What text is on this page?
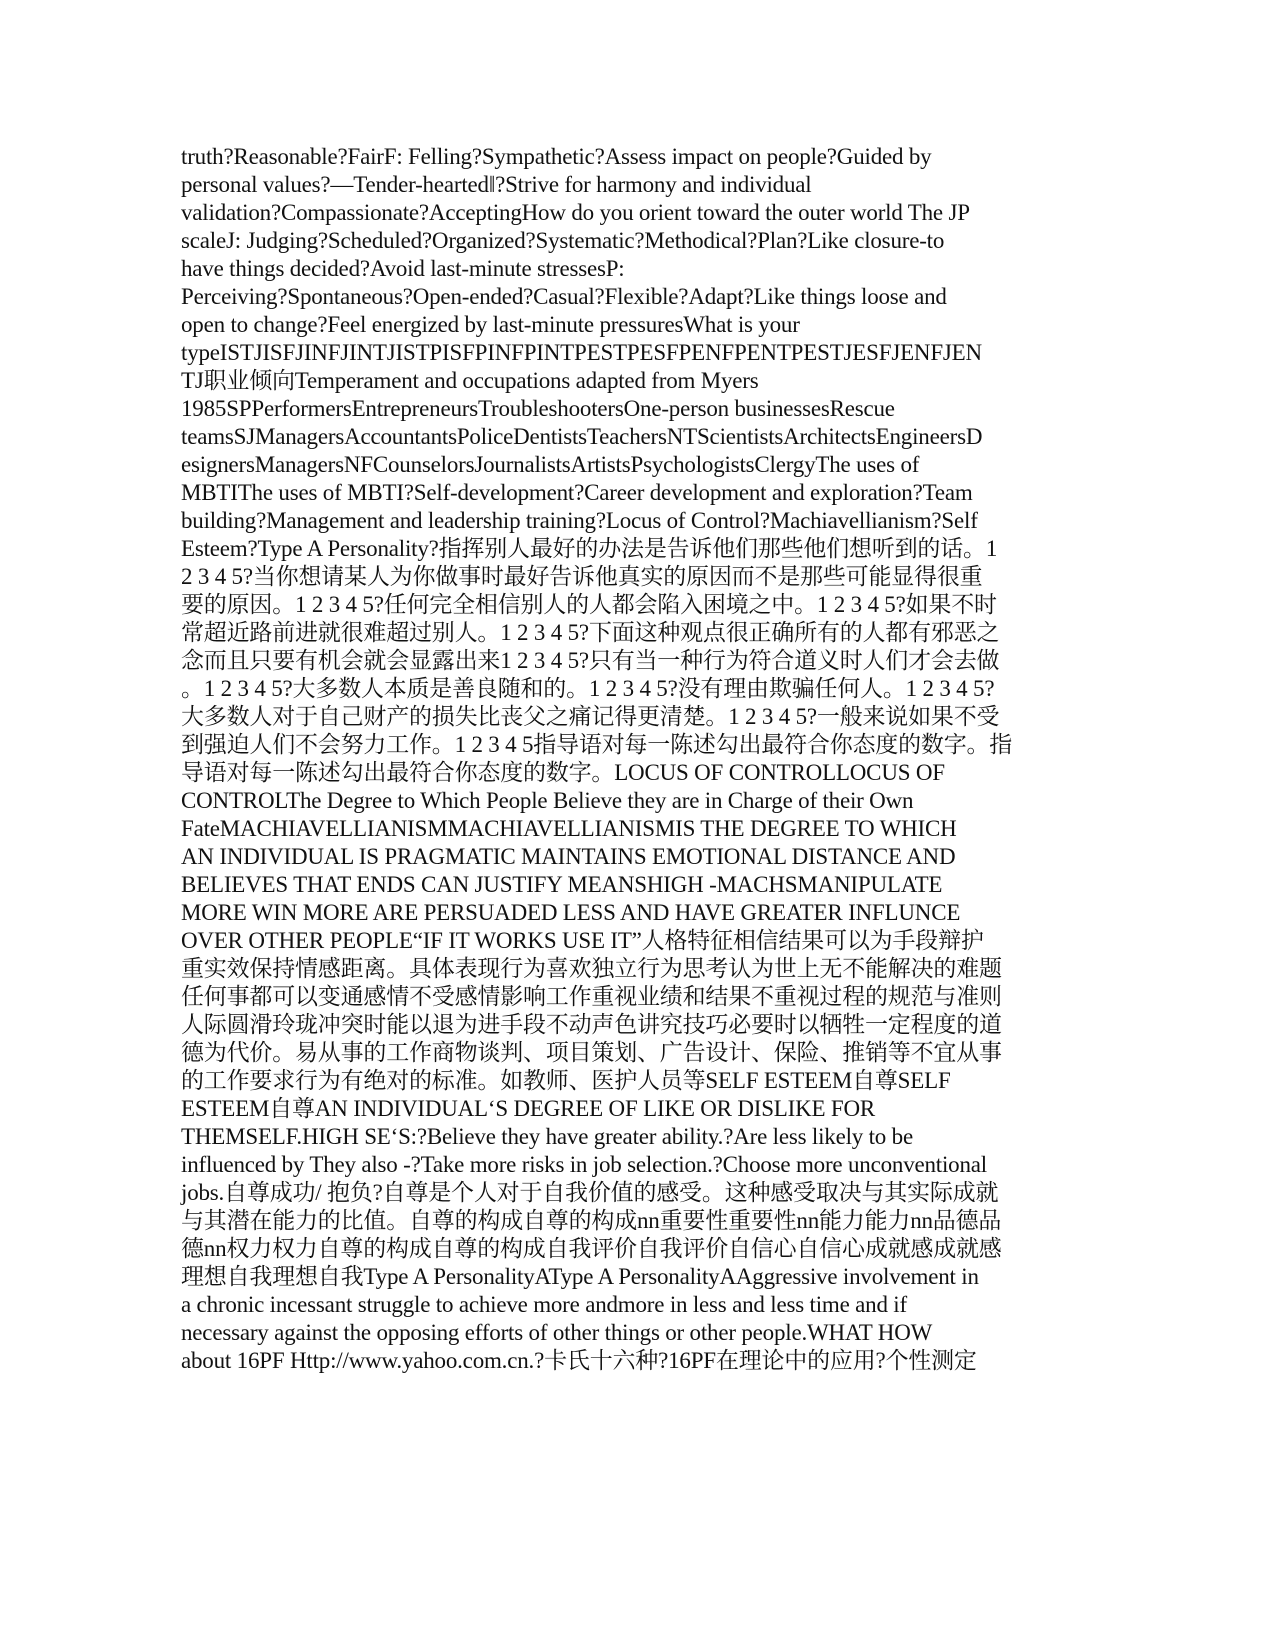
truth?Reasonable?FairF: Felling?Sympathetic?Assess impact on people?Guided by
personal values?—Tender-hearted‖?Strive for harmony and individual
validation?Compassionate?AcceptingHow do you orient toward the outer world The JP
scaleJ: Judging?Scheduled?Organized?Systematic?Methodical?Plan?Like closure-to
have things decided?Avoid last-minute stressesP:
Perceiving?Spontaneous?Open-ended?Casual?Flexible?Adapt?Like things loose and
open to change?Feel energized by last-minute pressuresWhat is your
typeISTJISFJINFJINTJISTPISFPINFPINTPESTPESFPENFPENTPESTJESFJENFJEN
TJ职业倾向Temperament and occupations adapted from Myers
1985SPPerformersEntrepreneursTroubleshootersOne-person businessesRescue
teamsSJManagersAccountantsPoliceDentistsTeachersNTScientistsArchitectsEngineersD
esignersManagersNFCounselorsJournalistsArtistsPsychologistsClergyThe uses of
MBTIThe uses of MBTI?Self-development?Career development and exploration?Team
building?Management and leadership training?Locus of Control?Machiavellianism?Self
Esteem?Type A Personality?指挥别人最好的办法是告诉他们那些他们想听到的话。1
2 3 4 5?当你想请某人为你做事时最好告诉他真实的原因而不是那些可能显得很重
要的原因。1 2 3 4 5?任何完全相信别人的人都会陷入困境之中。1 2 3 4 5?如果不时
常超近路前进就很难超过别人。1 2 3 4 5?下面这种观点很正确所有的人都有邪恶之
念而且只要有机会就会显露出来1 2 3 4 5?只有当一种行为符合道义时人们才会去做
。1 2 3 4 5?大多数人本质是善良随和的。1 2 3 4 5?没有理由欺骗任何人。1 2 3 4 5?
大多数人对于自己财产的损失比丧父之痛记得更清楚。1 2 3 4 5?一般来说如果不受
到强迫人们不会努力工作。1 2 3 4 5指导语对每一陈述勾出最符合你态度的数字。指
导语对每一陈述勾出最符合你态度的数字。LOCUS OF CONTROLLOCUS OF
CONTROLThe Degree to Which People Believe they are in Charge of their Own
FateMACHIAVELLIANISMMACHIAVELLIANISMIS THE DEGREE TO WHICH
AN INDIVIDUAL IS PRAGMATIC MAINTAINS EMOTIONAL DISTANCE AND
BELIEVES THAT ENDS CAN JUSTIFY MEANSHIGH -MACHSMANIPULATE
MORE WIN MORE ARE PERSUADED LESS AND HAVE GREATER INFLUNCE
OVER OTHER PEOPLE“IF IT WORKS USE IT”人格特征相信结果可以为手段辩护
重实效保持情感距离。具体表现行为喜欢独立行为思考认为世上无不能解决的难题
任何事都可以变通感情不受感情影响工作重视业绩和结果不重视过程的规范与准则
人际圆滑玲珑冲突时能以退为进手段不动声色讲究技巧必要时以牺牲一定程度的道
德为代价。易从事的工作商物谈判、项目策划、广告设计、保险、推销等不宜从事
的工作要求行为有绝对的标准。如教师、医护人员等SELF ESTEEM自尊SELF
ESTEEM自尊AN INDIVIDUAL‘S DEGREE OF LIKE OR DISLIKE FOR
THEMSELF.HIGH SE‘S:?Believe they have greater ability.?Are less likely to be
influenced by They also -?Take more risks in job selection.?Choose more unconventional
jobs.自尊成功/ 抱负?自尊是个人对于自我价值的感受。这种感受取决与其实际成就
与其潜在能力的比值。自尊的构成自尊的构成nn重要性重要性nn能力能力nn品德品
德nn权力权力自尊的构成自尊的构成自我评价自我评价自信心自信心成就感成就感
理想自我理想自我Type A PersonalityAType A PersonalityAAggressive involvement in
a chronic incessant struggle to achieve more andmore in less and less time and if
necessary against the opposing efforts of other things or other people.WHAT HOW
about 16PF Http://www.yahoo.com.cn.?卡氏十六种?16PF在理论中的应用?个性测定
